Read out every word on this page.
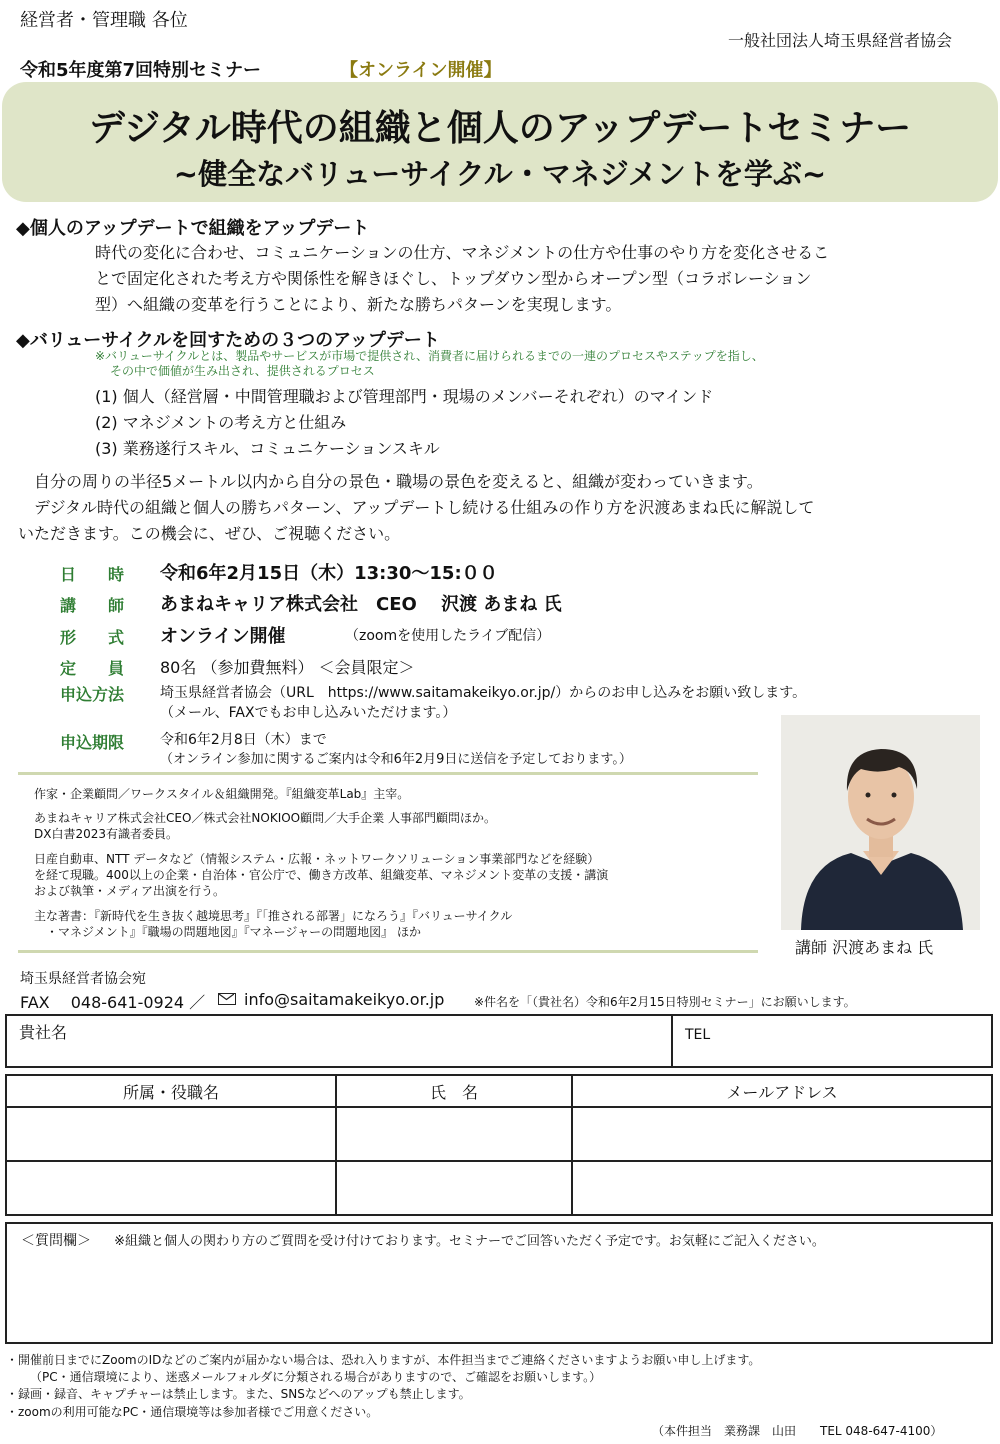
経営者・管理職 各位
一般社団法人埼玉県経営者協会
令和5年度第7回特別セミナー	【オンライン開催】
デジタル時代の組織と個人のアップデートセミナー
~健全なバリューサイクル・マネジメントを学ぶ~
◆個人のアップデートで組織をアップデート
時代の変化に合わせ、コミュニケーションの仕方、マネジメントの仕方や仕事のやり方を変化させるこ
とで固定化された考え方や関係性を解きほぐし、トップダウン型からオープン型（コラボレーション
型）へ組織の変革を行うことにより、新たな勝ちパターンを実現します。
◆バリューサイクルを回すための３つのアップデート
※バリューサイクルとは、製品やサービスが市場で提供され、消費者に届けられるまでの一連のプロセスやステップを指し、
その中で価値が生み出され、提供されるプロセス
(1) 個人（経営層・中間管理職および管理部門・現場のメンバーそれぞれ）のマインド
(2) マネジメントの考え方と仕組み
(3) 業務遂行スキル、コミュニケーションスキル
　自分の周りの半径5メートル以内から自分の景色・職場の景色を変えると、組織が変わっていきます。
　デジタル時代の組織と個人の勝ちパターン、アップデートし続ける仕組みの作り方を沢渡あまね氏に解説して
いただきます。この機会に、ぜひ、ご視聴ください。
日　　時 令和6年2月15日（木）13:30〜15:００
講　　師 あまねキャリア株式会社　CEO　 沢渡 あまね 氏
形　　式 オンライン開催	（zoomを使用したライブ配信）
定　　員 80名 （参加費無料） ＜会員限定＞
申込方法	埼玉県経営者協会（URL　https://www.saitamakeikyo.or.jp/）からのお申し込みをお願い致します。
（メール、FAXでもお申し込みいただけます。）
申込期限	令和6年2月8日（木）まで
（オンライン参加に関するご案内は令和6年2月9日に送信を予定しております。）
作家・企業顧問／ワークスタイル＆組織開発。『組織変革Lab』主宰。
あまねキャリア株式会社CEO／株式会社NOKIOO顧問／大手企業 人事部門顧問ほか。
DX白書2023有識者委員。
日産自動車、NTT データなど（情報システム・広報・ネットワークソリューション事業部門などを経験）
を経て現職。400以上の企業・自治体・官公庁で、働き方改革、組織変革、マネジメント変革の支援・講演
および執筆・メディア出演を行う。
主な著書：『新時代を生き抜く越境思考』『「推される部署」になろう』『バリューサイクル
　・マネジメント』『職場の問題地図』『マネージャーの問題地図』 ほか
講師 沢渡あまね 氏
埼玉県経営者協会宛
FAX　 048-641-0924 ／ info@saitamakeikyo.or.jp ※件名を「（貴社名）令和6年2月15日特別セミナー」にお願いします。
貴社名	TEL
所属・役職名	氏　名	メールアドレス

＜質問欄＞ ※組織と個人の関わり方のご質問を受け付けております。セミナーでご回答いただく予定です。お気軽にご記入ください。
・開催前日までにZoomのIDなどのご案内が届かない場合は、恐れ入りますが、本件担当までご連絡くださいますようお願い申し上げます。
（PC・通信環境により、迷惑メールフォルダに分類される場合がありますので、ご確認をお願いします。）
・録画・録音、キャプチャーは禁止します。また、SNSなどへのアップも禁止します。
・zoomの利用可能なPC・通信環境等は参加者様でご用意ください。
（本件担当　業務課　山田　　TEL 048-647-4100）
